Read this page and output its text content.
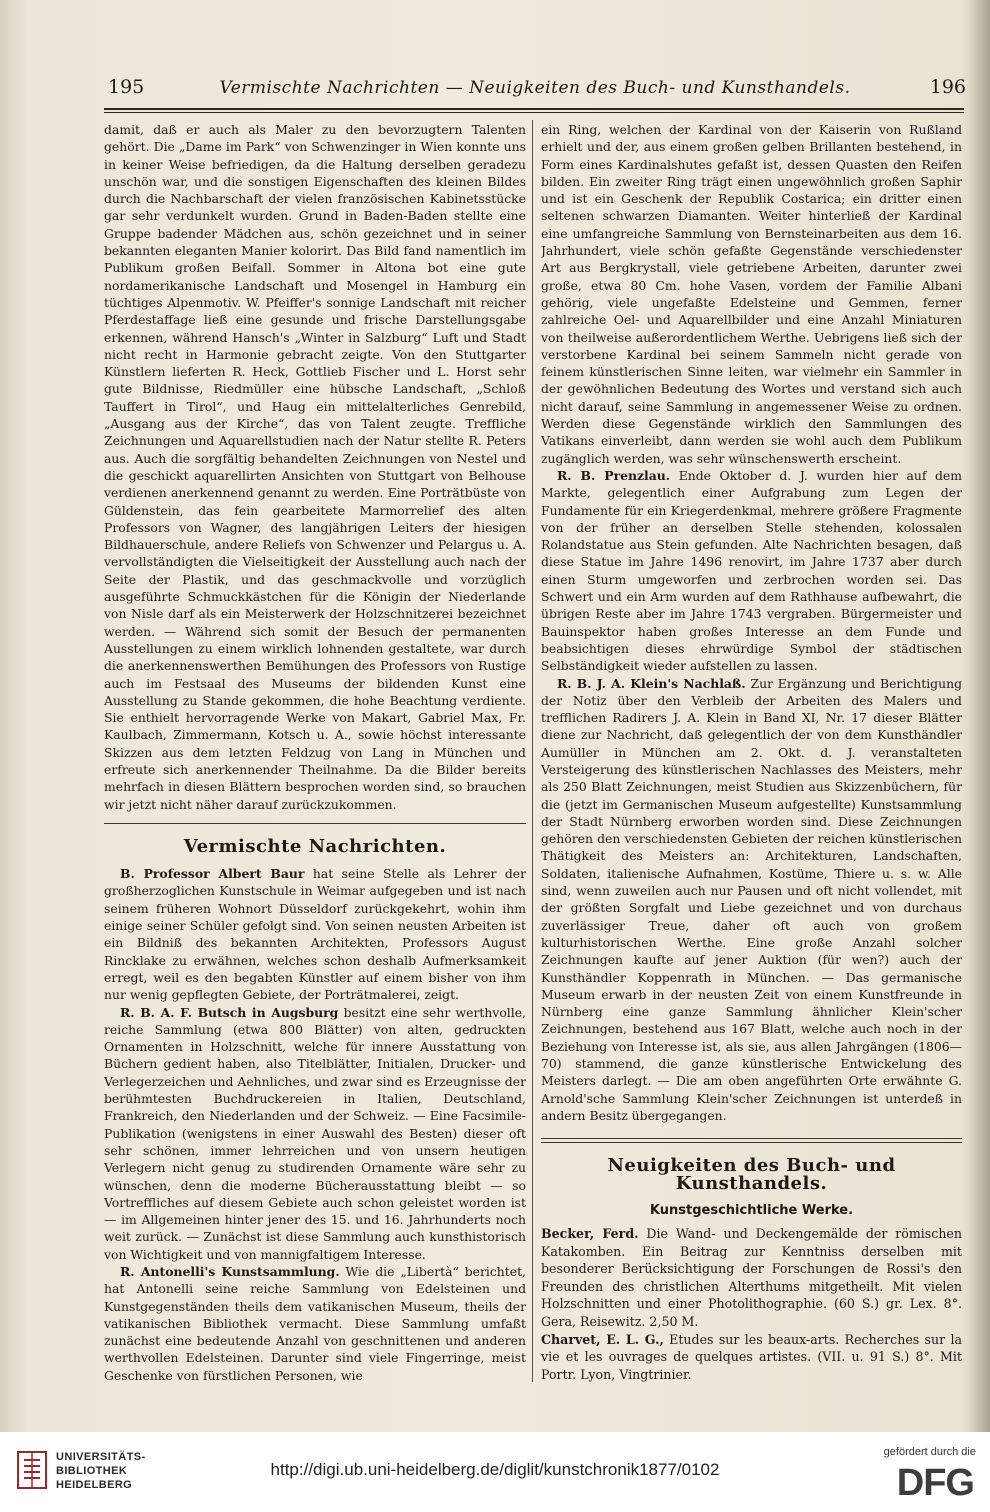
195	Vermischte Nachrichten — Neuigkeiten des Buch- und Kunsthandels.	196

damit, daß er auch als Maler zu den bevorzugtern Talenten gehört. Die „Dame im Park“ von Schwenzinger in Wien konnte uns in keiner Weise befriedigen, da die Haltung derselben geradezu unschön war, und die sonstigen Eigenschaften des kleinen Bildes durch die Nachbarschaft der vielen französischen Kabinetsstücke gar sehr verdunkelt wurden. Grund in Baden-Baden stellte eine Gruppe badender Mädchen aus, schön gezeichnet und in seiner bekannten eleganten Manier kolorirt. Das Bild fand namentlich im Publikum großen Beifall. Sommer in Altona bot eine gute nordamerikanische Landschaft und Mosengel in Hamburg ein tüchtiges Alpenmotiv. W. Pfeiffer's sonnige Landschaft mit reicher Pferdestaffage ließ eine gesunde und frische Darstellungsgabe erkennen, während Hansch's „Winter in Salzburg“ Luft und Stadt nicht recht in Harmonie gebracht zeigte. Von den Stuttgarter Künstlern lieferten R. Heck, Gottlieb Fischer und L. Horst sehr gute Bildnisse, Riedmüller eine hübsche Landschaft, „Schloß Tauffert in Tirol“, und Haug ein mittelalterliches Genrebild, „Ausgang aus der Kirche“, das von Talent zeugte. Treffliche Zeichnungen und Aquarellstudien nach der Natur stellte R. Peters aus. Auch die sorgfältig behandelten Zeichnungen von Nestel und die geschickt aquarellirten Ansichten von Stuttgart von Belhouse verdienen anerkennend genannt zu werden. Eine Porträtbüste von Güldenstein, das fein gearbeitete Marmorrelief des alten Professors von Wagner, des langjährigen Leiters der hiesigen Bildhauerschule, andere Reliefs von Schwenzer und Pelargus u. A. vervollständigten die Vielseitigkeit der Ausstellung auch nach der Seite der Plastik, und das geschmackvolle und vorzüglich ausgeführte Schmuckkästchen für die Königin der Niederlande von Nisle darf als ein Meisterwerk der Holzschnitzerei bezeichnet werden. — Während sich somit der Besuch der permanenten Ausstellungen zu einem wirklich lohnenden gestaltete, war durch die anerkennenswerthen Bemühungen des Professors von Rustige auch im Festsaal des Museums der bildenden Kunst eine Ausstellung zu Stande gekommen, die hohe Beachtung verdiente. Sie enthielt hervorragende Werke von Makart, Gabriel Max, Fr. Kaulbach, Zimmermann, Kotsch u. A., sowie höchst interessante Skizzen aus dem letzten Feldzug von Lang in München und erfreute sich anerkennender Theilnahme. Da die Bilder bereits mehrfach in diesen Blättern besprochen worden sind, so brauchen wir jetzt nicht näher darauf zurückzukommen.

Vermischte Nachrichten.

B. Professor Albert Baur hat seine Stelle als Lehrer der großherzoglichen Kunstschule in Weimar aufgegeben und ist nach seinem früheren Wohnort Düsseldorf zurückgekehrt, wohin ihm einige seiner Schüler gefolgt sind. Von seinen neusten Arbeiten ist ein Bildniß des bekannten Architekten, Professors August Rincklake zu erwähnen, welches schon deshalb Aufmerksamkeit erregt, weil es den begabten Künstler auf einem bisher von ihm nur wenig gepflegten Gebiete, der Porträtmalerei, zeigt.

R. B. A. F. Butsch in Augsburg besitzt eine sehr werthvolle, reiche Sammlung (etwa 800 Blätter) von alten, gedruckten Ornamenten in Holzschnitt, welche für innere Ausstattung von Büchern gedient haben, also Titelblätter, Initialen, Drucker- und Verlegerzeichen und Aehnliches, und zwar sind es Erzeugnisse der berühmtesten Buchdruckereien in Italien, Deutschland, Frankreich, den Niederlanden und der Schweiz. — Eine Facsimile-Publikation (wenigstens in einer Auswahl des Besten) dieser oft sehr schönen, immer lehrreichen und von unsern heutigen Verlegern nicht genug zu studirenden Ornamente wäre sehr zu wünschen, denn die moderne Bücherausstattung bleibt — so Vortreffliches auf diesem Gebiete auch schon geleistet worden ist — im Allgemeinen hinter jener des 15. und 16. Jahrhunderts noch weit zurück. — Zunächst ist diese Sammlung auch kunsthistorisch von Wichtigkeit und von mannigfaltigem Interesse.

R. Antonelli's Kunstsammlung. Wie die „Libertà“ berichtet, hat Antonelli seine reiche Sammlung von Edelsteinen und Kunstgegenständen theils dem vatikanischen Museum, theils der vatikanischen Bibliothek vermacht. Diese Sammlung umfaßt zunächst eine bedeutende Anzahl von geschnittenen und anderen werthvollen Edelsteinen. Darunter sind viele Fingerringe, meist Geschenke von fürstlichen Personen, wie

ein Ring, welchen der Kardinal von der Kaiserin von Rußland erhielt und der, aus einem großen gelben Brillanten bestehend, in Form eines Kardinalshutes gefaßt ist, dessen Quasten den Reifen bilden. Ein zweiter Ring trägt einen ungewöhnlich großen Saphir und ist ein Geschenk der Republik Costarica; ein dritter einen seltenen schwarzen Diamanten. Weiter hinterließ der Kardinal eine umfangreiche Sammlung von Bernsteinarbeiten aus dem 16. Jahrhundert, viele schön gefaßte Gegenstände verschiedenster Art aus Bergkrystall, viele getriebene Arbeiten, darunter zwei große, etwa 80 Cm. hohe Vasen, vordem der Familie Albani gehörig, viele ungefaßte Edelsteine und Gemmen, ferner zahlreiche Oel- und Aquarellbilder und eine Anzahl Miniaturen von theilweise außerordentlichem Werthe. Uebrigens ließ sich der verstorbene Kardinal bei seinem Sammeln nicht gerade von feinem künstlerischen Sinne leiten, war vielmehr ein Sammler in der gewöhnlichen Bedeutung des Wortes und verstand sich auch nicht darauf, seine Sammlung in angemessener Weise zu ordnen. Werden diese Gegenstände wirklich den Sammlungen des Vatikans einverleibt, dann werden sie wohl auch dem Publikum zugänglich werden, was sehr wünschenswerth erscheint.

R. B. Prenzlau. Ende Oktober d. J. wurden hier auf dem Markte, gelegentlich einer Aufgrabung zum Legen der Fundamente für ein Kriegerdenkmal, mehrere größere Fragmente von der früher an derselben Stelle stehenden, kolossalen Rolandstatue aus Stein gefunden. Alte Nachrichten besagen, daß diese Statue im Jahre 1496 renovirt, im Jahre 1737 aber durch einen Sturm umgeworfen und zerbrochen worden sei. Das Schwert und ein Arm wurden auf dem Rathhause aufbewahrt, die übrigen Reste aber im Jahre 1743 vergraben. Bürgermeister und Bauinspektor haben großes Interesse an dem Funde und beabsichtigen dieses ehrwürdige Symbol der städtischen Selbständigkeit wieder aufstellen zu lassen.

R. B. J. A. Klein's Nachlaß. Zur Ergänzung und Berichtigung der Notiz über den Verbleib der Arbeiten des Malers und trefflichen Radirers J. A. Klein in Band XI, Nr. 17 dieser Blätter diene zur Nachricht, daß gelegentlich der von dem Kunsthändler Aumüller in München am 2. Okt. d. J. veranstalteten Versteigerung des künstlerischen Nachlasses des Meisters, mehr als 250 Blatt Zeichnungen, meist Studien aus Skizzenbüchern, für die (jetzt im Germanischen Museum aufgestellte) Kunstsammlung der Stadt Nürnberg erworben worden sind. Diese Zeichnungen gehören den verschiedensten Gebieten der reichen künstlerischen Thätigkeit des Meisters an: Architekturen, Landschaften, Soldaten, italienische Aufnahmen, Kostüme, Thiere u. s. w. Alle sind, wenn zuweilen auch nur Pausen und oft nicht vollendet, mit der größten Sorgfalt und Liebe gezeichnet und von durchaus zuverlässiger Treue, daher oft auch von großem kulturhistorischen Werthe. Eine große Anzahl solcher Zeichnungen kaufte auf jener Auktion (für wen?) auch der Kunsthändler Koppenrath in München. — Das germanische Museum erwarb in der neusten Zeit von einem Kunstfreunde in Nürnberg eine ganze Sammlung ähnlicher Klein'scher Zeichnungen, bestehend aus 167 Blatt, welche auch noch in der Beziehung von Interesse ist, als sie, aus allen Jahrgängen (1806—70) stammend, die ganze künstlerische Entwickelung des Meisters darlegt. — Die am oben angeführten Orte erwähnte G. Arnold'sche Sammlung Klein'scher Zeichnungen ist unterdeß in andern Besitz übergegangen.

Neuigkeiten des Buch- und Kunsthandels.
Kunstgeschichtliche Werke.

Becker, Ferd. Die Wand- und Deckengemälde der römischen Katakomben. Ein Beitrag zur Kenntniss derselben mit besonderer Berücksichtigung der Forschungen de Rossi's den Freunden des christlichen Alterthums mitgetheilt. Mit vielen Holzschnitten und einer Photolithographie. (60 S.) gr. Lex. 8°. Gera, Reisewitz. 2,50 M.

Charvet, E. L. G., Etudes sur les beaux-arts. Recherches sur la vie et les ouvrages de quelques artistes. (VII. u. 91 S.) 8°. Mit Portr. Lyon, Vingtrinier.

UNIVERSITÄTS-
BIBLIOTHEK
HEIDELBERG
http://digi.ub.uni-heidelberg.de/diglit/kunstchronik1877/0102
gefördert durch die
DFG
